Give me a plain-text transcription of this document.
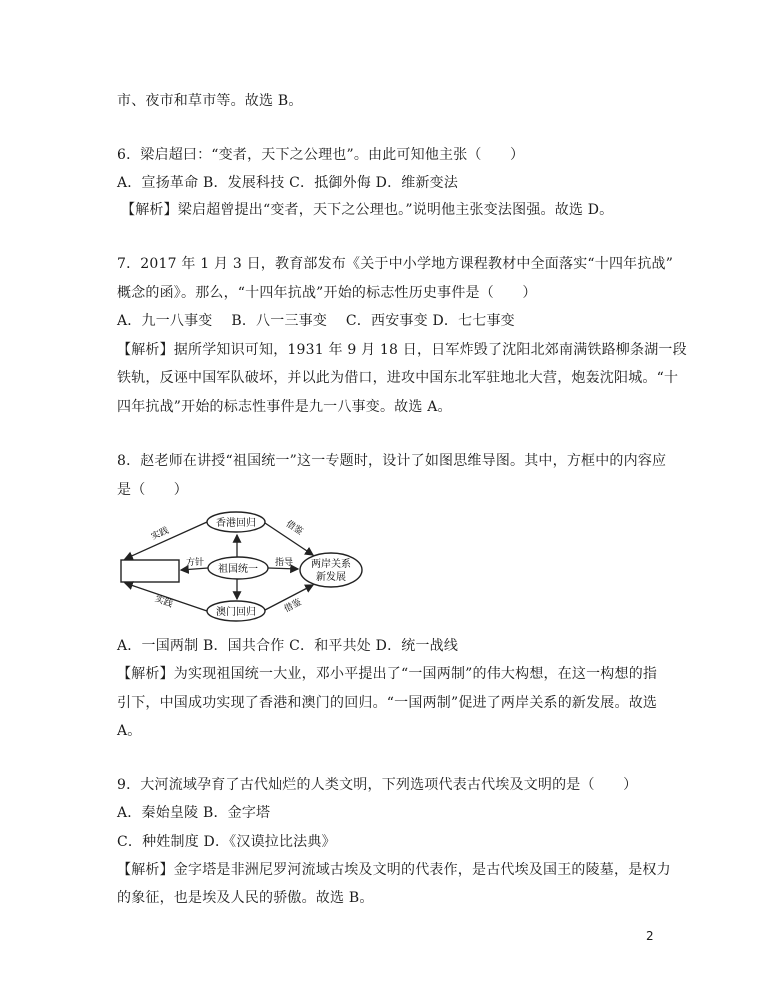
市、夜市和草市等。故选 B。
6．梁启超曰：“变者，天下之公理也”。由此可知他主张（　　）
A．宣扬革命 B．发展科技 C．抵御外侮 D．维新变法
【解析】梁启超曾提出“变者，天下之公理也。”说明他主张变法图强。故选 D。
7．2017 年 1 月 3 日，教育部发布《关于中小学地方课程教材中全面落实“十四年抗战”
概念的函》。那么，“十四年抗战”开始的标志性历史事件是（　　）
A．九一八事变　 B．八一三事变　 C．西安事变 D．七七事变
【解析】据所学知识可知，1931 年 9 月 18 日，日军炸毁了沈阳北郊南满铁路柳条湖一段
铁轨，反诬中国军队破坏，并以此为借口，进攻中国东北军驻地北大营，炮轰沈阳城。“十
四年抗战”开始的标志性事件是九一八事变。故选 A。
8．赵老师在讲授“祖国统一”这一专题时，设计了如图思维导图。其中，方框中的内容应
是（　　）
香港回归
祖国统一
澳门回归
两岸关系
新发展
实践
实践
方针	指导
借鉴
借鉴
A．一国两制 B．国共合作 C．和平共处 D．统一战线
【解析】为实现祖国统一大业，邓小平提出了“一国两制”的伟大构想，在这一构想的指
引下，中国成功实现了香港和澳门的回归。“一国两制”促进了两岸关系的新发展。故选
A。
9．大河流域孕育了古代灿烂的人类文明，下列选项代表古代埃及文明的是（　　）
A．秦始皇陵 B．金字塔
C．种姓制度 D．《汉谟拉比法典》
【解析】金字塔是非洲尼罗河流域古埃及文明的代表作，是古代埃及国王的陵墓，是权力
的象征，也是埃及人民的骄傲。故选 B。
2
